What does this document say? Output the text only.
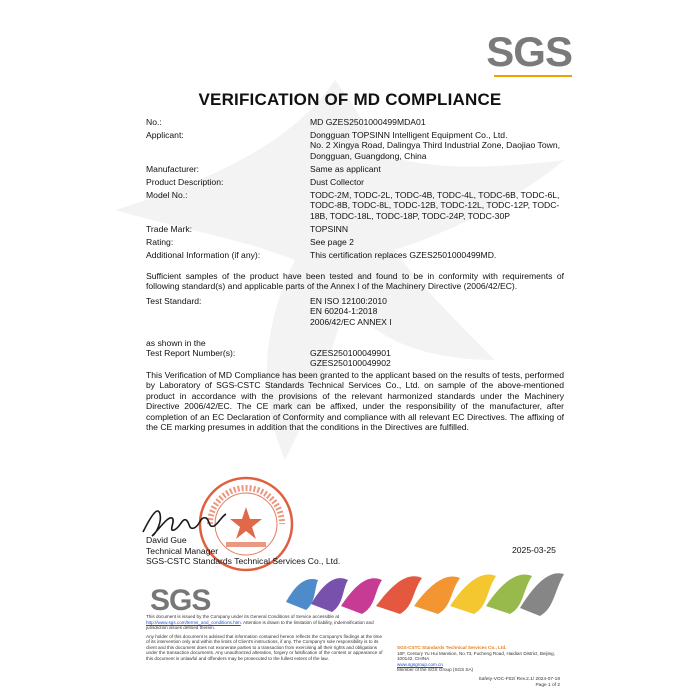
SGS
VERIFICATION OF MD COMPLIANCE
No.:	MD GZES2501000499MDA01
Applicant:	Dongguan TOPSINN Intelligent Equipment Co., Ltd.
No. 2 Xingya Road, Dalingya Third Industrial Zone, Daojiao Town,
Dongguan, Guangdong, China
Manufacturer:	Same as applicant
Product Description:	Dust Collector
Model No.:	TODC-2M, TODC-2L, TODC-4B, TODC-4L, TODC-6B, TODC-6L,
TODC-8B, TODC-8L, TODC-12B, TODC-12L, TODC-12P, TODC-
18B, TODC-18L, TODC-18P, TODC-24P, TODC-30P
Trade Mark:	TOPSINN
Rating:	See page 2
Additional Information (if any):	This certification replaces GZES2501000499MD.
Sufficient samples of the product have been tested and found to be in conformity with requirements of following standard(s) and applicable parts of the Annex I of the Machinery Directive (2006/42/EC).
Test Standard:	EN ISO 12100:2010
EN 60204-1:2018
2006/42/EC ANNEX I
as shown in the
Test Report Number(s):	GZES250100049901
GZES250100049902
This Verification of MD Compliance has been granted to the applicant based on the results of tests, performed by Laboratory of SGS-CSTC Standards Technical Services Co., Ltd. on sample of the above-mentioned product in accordance with the provisions of the relevant harmonized standards under the Machinery Directive 2006/42/EC. The CE mark can be affixed, under the responsibility of the manufacturer, after completion of an EC Declaration of Conformity and compliance with all relevant EC Directives. The affixing of the CE marking presumes in addition that the conditions in the Directives are fulfilled.
David Gue
Technical Manager
SGS-CSTC Standards Technical Services Co., Ltd.
2025-03-25
SGS

This document is issued by the Company under its General Conditions of Service accessible at http://www.sgs.com/terms_and_conditions.htm. Attention is drawn to the limitation of liability, indemnification and jurisdiction issues defined therein.

Any holder of this document is advised that information contained hereon reflects the Company's findings at the time of its intervention only and within the limits of Client's instructions, if any. The Company's sole responsibility is to its client and this document does not exonerate parties to a transaction from exercising all their rights and obligations under the transaction documents. Any unauthorized alteration, forgery or falsification of the content or appearance of this document is unlawful and offenders may be prosecuted to the fullest extent of the law.

SGS-CSTC Standards Technical Services Co., Ltd.
16F, Century Yu Hui Mansion, No.73, Fucheng Road, Haidian District, Beijing, 100142, CHINA
www.sgsgroup.com.cn
Member of the SGS Group (SGS SA)
Safety-VOC-F02/ Rev.2.1/ 2024-07-18
Page 1 of 2
